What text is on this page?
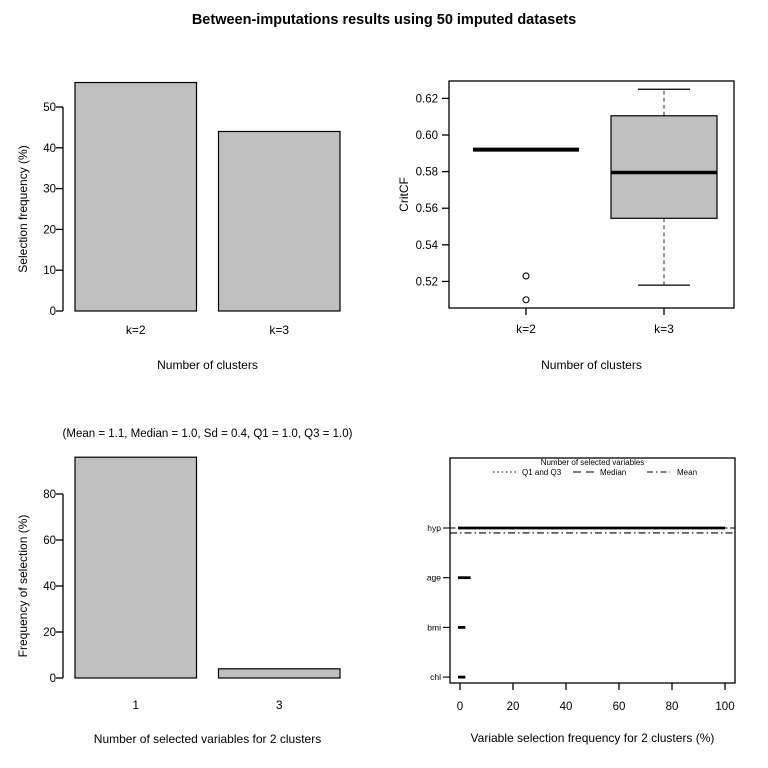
Between-imputations results using 50 imputed datasets
0
10
20
30
40
50
k=2	k=3
Number of clusters
Selection frequency (%)
0.52
0.54
0.56
0.58
0.60
0.62
k=2	k=3
Number of clusters
CritCF
0
20
40
60
80
1	3
(Mean = 1.1, Median = 1.0, Sd = 0.4, Q1 = 1.0, Q3 = 1.0)
Number of selected variables for 2 clusters
Frequency of selection (%)
0	20	40	60	80	100
hyp
age
bmi
chl
Number of selected variables
Q1 and Q3	Median	Mean
Variable selection frequency for 2 clusters (%)
